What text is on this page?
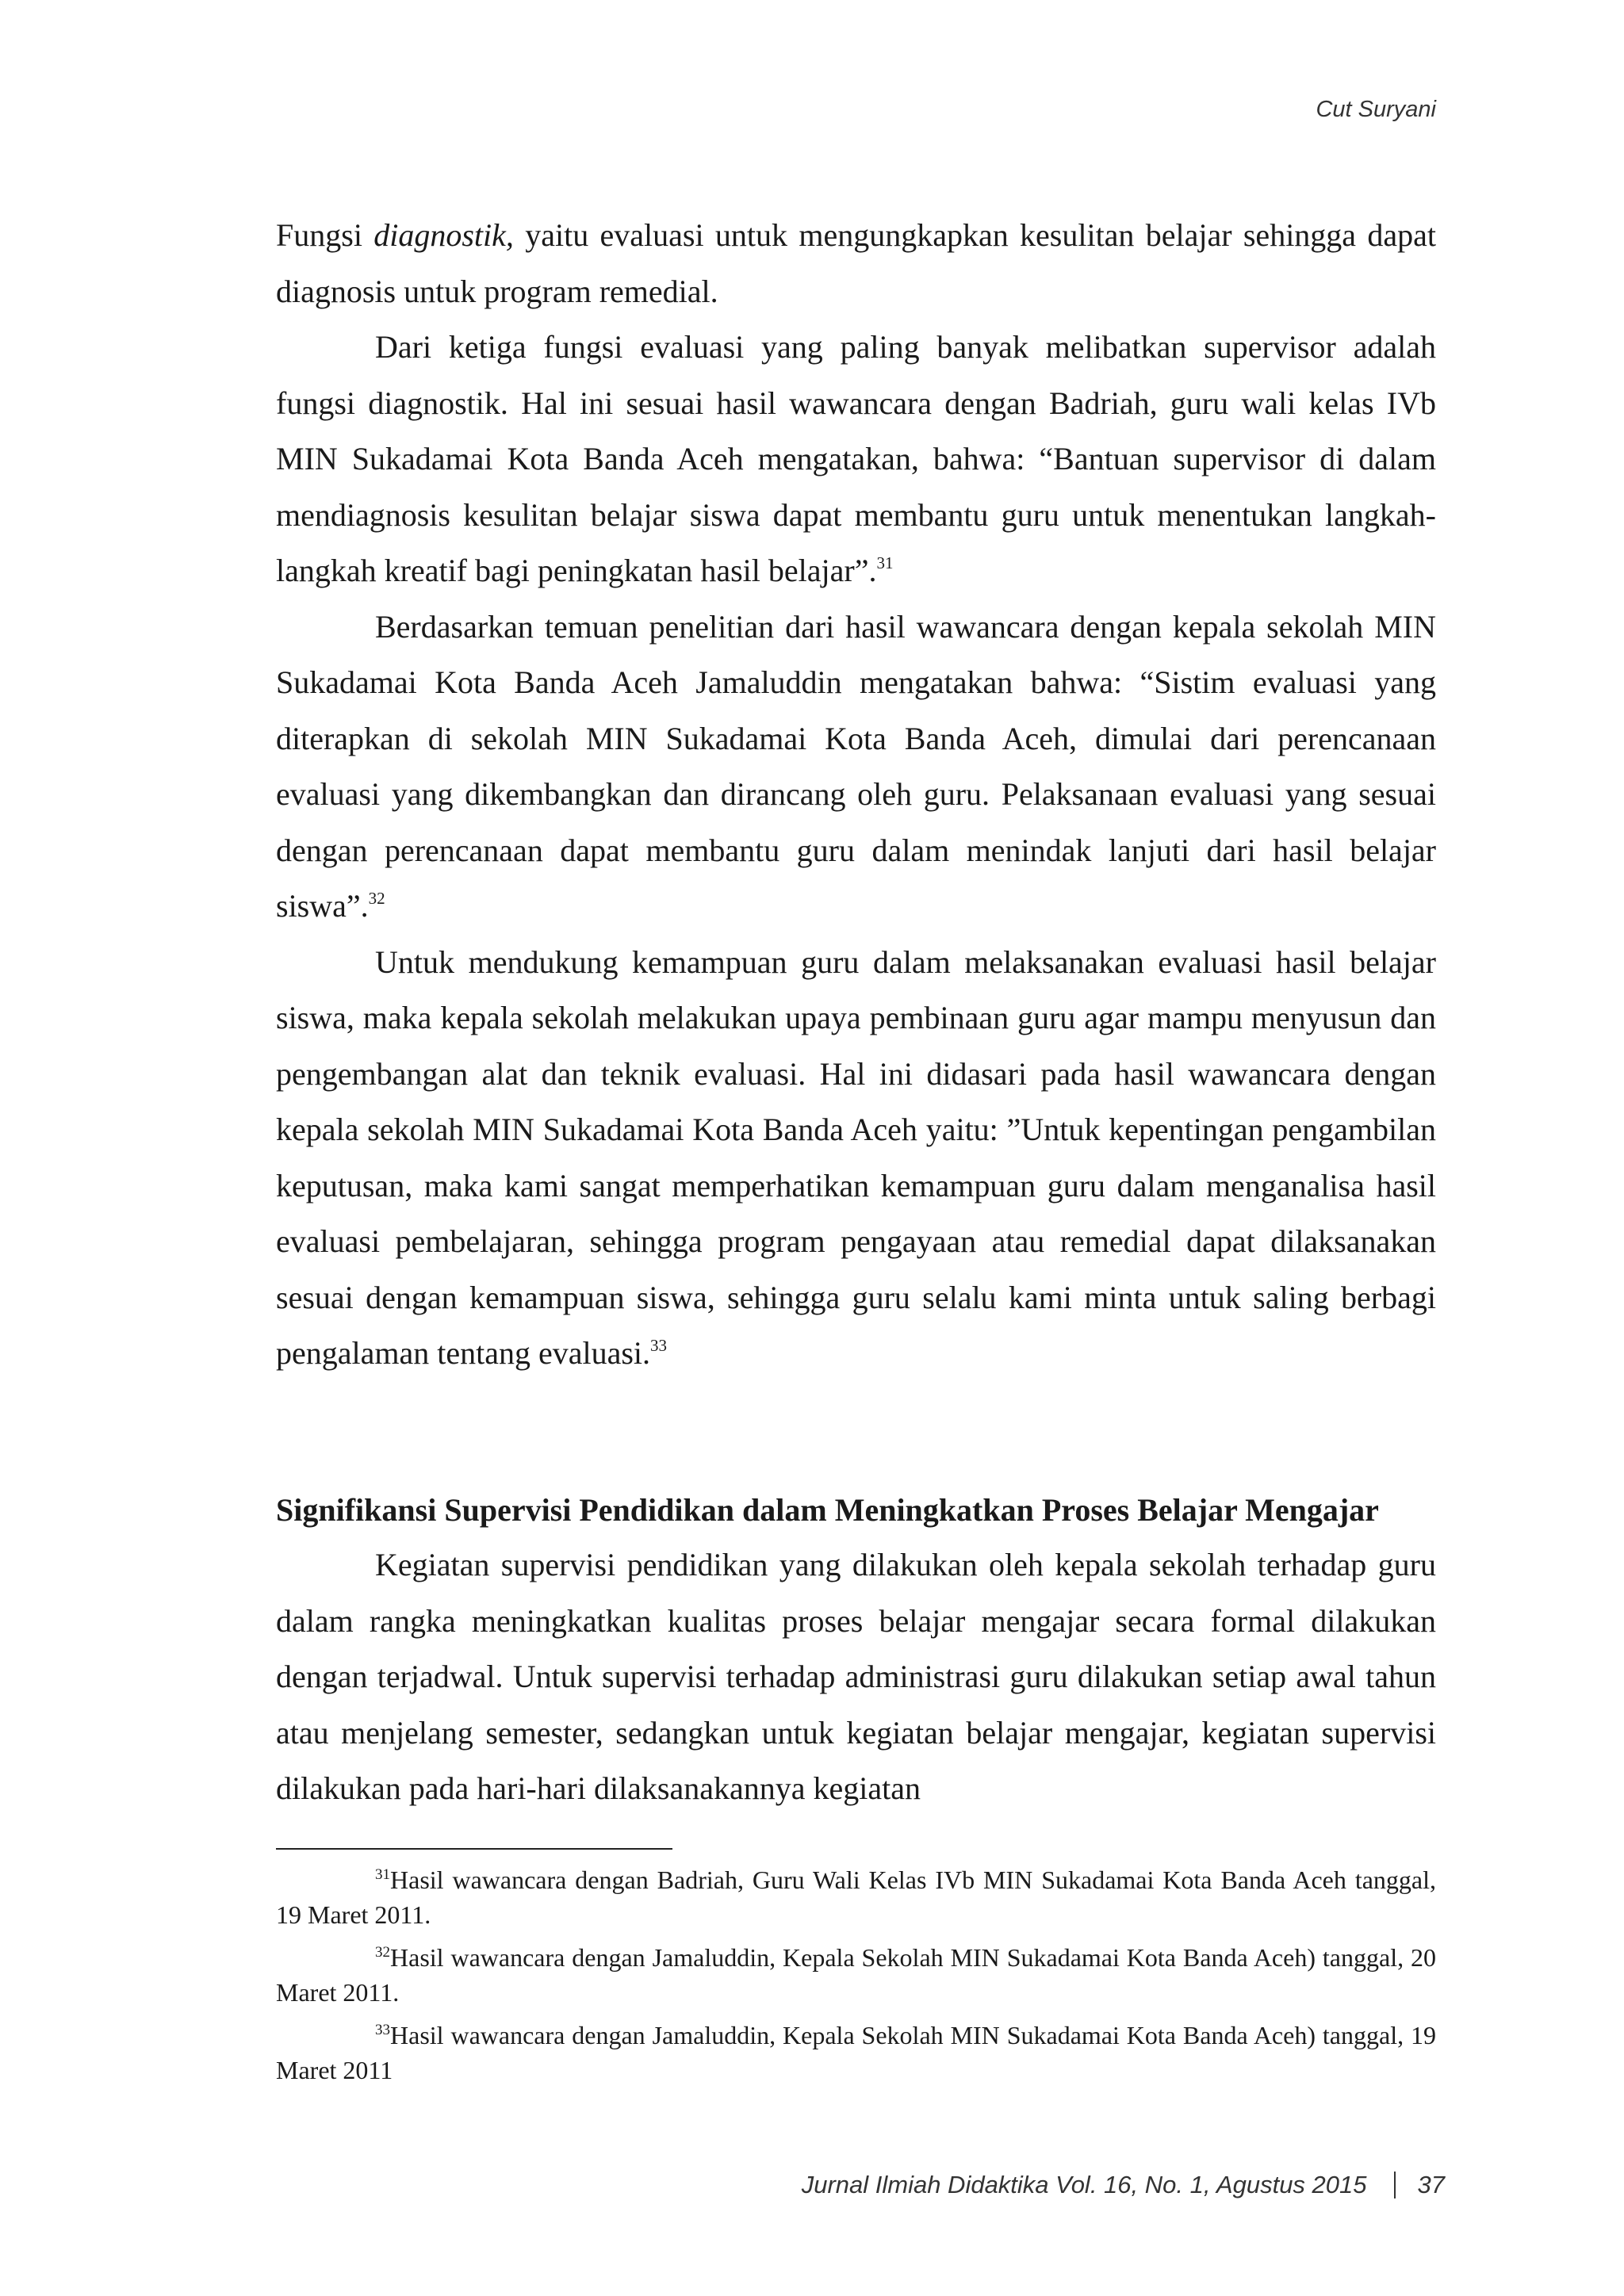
Cut Suryani

Fungsi diagnostik, yaitu evaluasi untuk mengungkapkan kesulitan belajar sehingga dapat diagnosis untuk program remedial.

Dari ketiga fungsi evaluasi yang paling banyak melibatkan supervisor adalah fungsi diagnostik. Hal ini sesuai hasil wawancara dengan Badriah, guru wali kelas IVb MIN Sukadamai Kota Banda Aceh mengatakan, bahwa: “Bantuan supervisor di dalam mendiagnosis kesulitan belajar siswa dapat membantu guru untuk menentukan langkah-langkah kreatif bagi peningkatan hasil belajar”.$^{31}$

Berdasarkan temuan penelitian dari hasil wawancara dengan kepala sekolah MIN Sukadamai Kota Banda Aceh Jamaluddin mengatakan bahwa: “Sistim evaluasi yang diterapkan di sekolah MIN Sukadamai Kota Banda Aceh, dimulai dari perencanaan evaluasi yang dikembangkan dan dirancang oleh guru. Pelaksanaan evaluasi yang sesuai dengan perencanaan dapat membantu guru dalam menindak lanjuti dari hasil belajar siswa”.$^{32}$

Untuk mendukung kemampuan guru dalam melaksanakan evaluasi hasil belajar siswa, maka kepala sekolah melakukan upaya pembinaan guru agar mampu menyusun dan pengembangan alat dan teknik evaluasi. Hal ini didasari pada hasil wawancara dengan kepala sekolah MIN Sukadamai Kota Banda Aceh yaitu: ”Untuk kepentingan pengambilan keputusan, maka kami sangat memperhatikan kemampuan guru dalam menganalisa hasil evaluasi pembelajaran, sehingga program pengayaan atau remedial dapat dilaksanakan sesuai dengan kemampuan siswa, sehingga guru selalu kami minta untuk saling berbagi pengalaman tentang evaluasi.$^{33}$

Signifikansi Supervisi Pendidikan dalam Meningkatkan Proses Belajar Mengajar

Kegiatan supervisi pendidikan yang dilakukan oleh kepala sekolah terhadap guru dalam rangka meningkatkan kualitas proses belajar mengajar secara formal dilakukan dengan terjadwal. Untuk supervisi terhadap administrasi guru dilakukan setiap awal tahun atau menjelang semester, sedangkan untuk kegiatan belajar mengajar, kegiatan supervisi dilakukan pada hari-hari dilaksanakannya kegiatan

$^{31}$Hasil wawancara dengan Badriah, Guru Wali Kelas IVb MIN Sukadamai Kota Banda Aceh tanggal, 19 Maret 2011.

$^{32}$Hasil wawancara dengan Jamaluddin, Kepala Sekolah MIN Sukadamai Kota Banda Aceh) tanggal, 20 Maret 2011.

$^{33}$Hasil wawancara dengan Jamaluddin, Kepala Sekolah MIN Sukadamai Kota Banda Aceh) tanggal, 19 Maret 2011

Jurnal Ilmiah Didaktika Vol. 16, No. 1, Agustus 2015 37
